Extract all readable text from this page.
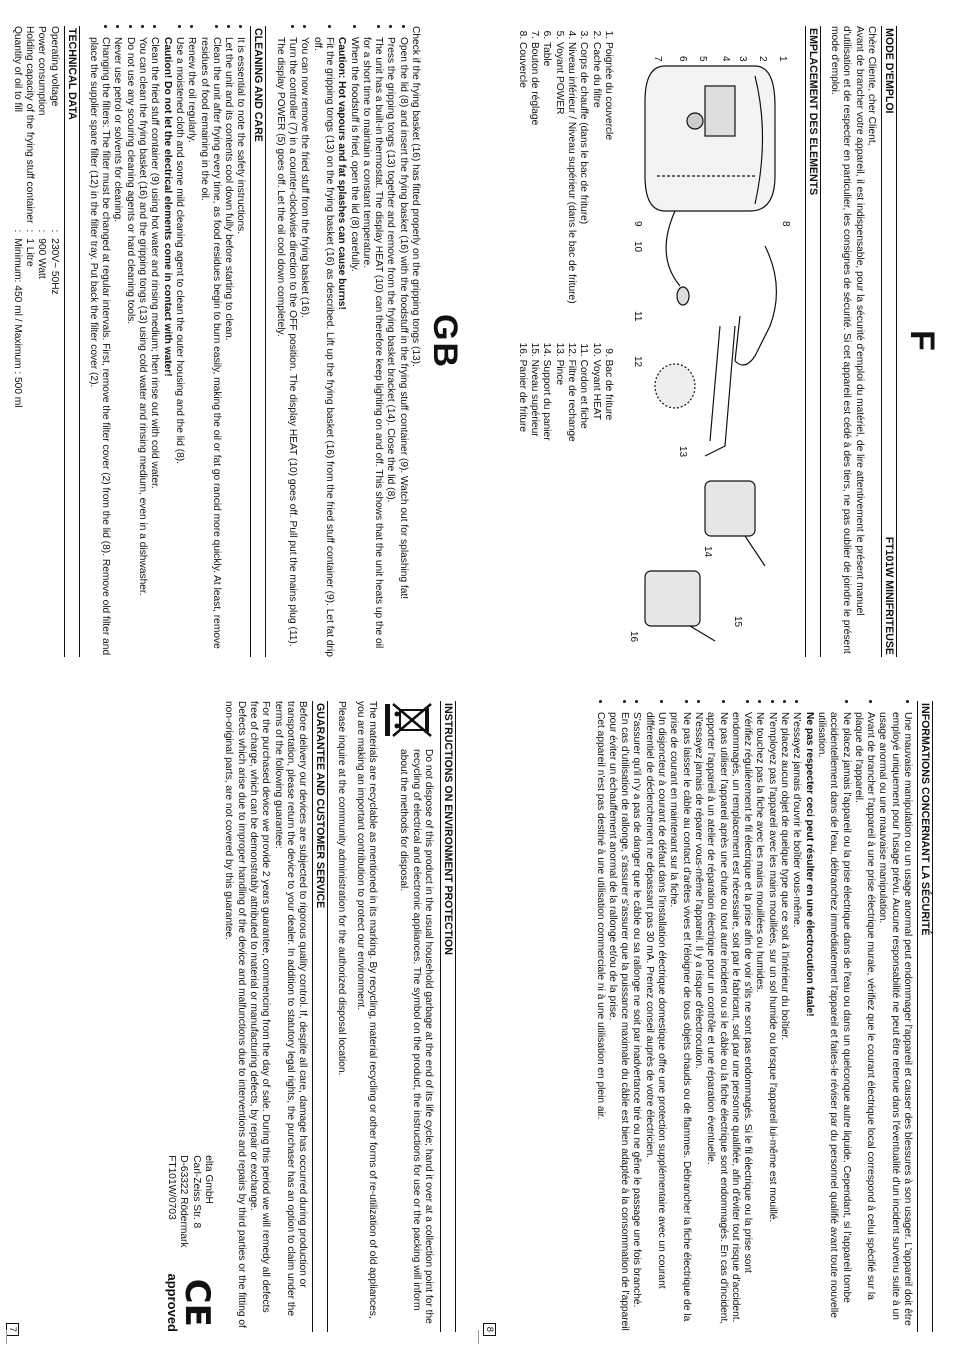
GB

Check if the frying basket (16) has fitted properly on the gripping tongs (13).

• Open the lid (8) and insert the frying basket (16) with the foodstuff in the frying stuff container (9). Watch out for splashing fat!
• Press the gripping tongs (13) together and remove from the frying basket bracket (14). Close the lid (8).
• The unit has a built-in thermostat. The display HEAT (10) can therefore keep lighting on and off. This shows that the unit heats up the oil for a short time to maintain a constant temperature.
• When the foodstuff is fried, open the lid (8) carefully.
Caution: Hot vapours and fat splashes can cause burns!
• Fit the gripping tongs (13) on the frying basket (16) as described. Lift up the frying basket (16) from the fried stuff container (9). Let fat drip off.
• You can now remove the fried stuff from the frying basket (16).
• Turn the controller (7) in a counter-clockwise direction to the OFF position. The display HEAT (10) goes off. Pull put the mains plug (11). The display POWER (5) goes off. Let the oil cool down completely.
CLEANING AND CARE
• It is essential to note the safety instructions.
• Let the unit and its contents cool down fully before starting to clean.
• Clean the unit after frying every time, as food residues begin to burn easily, making the oil or fat go rancid more quickly. At least, remove residues of food remaining in the oil.
• Renew the oil regularly.
• Use a moistened cloth and some mild cleaning agent to clean the outer housing and the lid (8).
Caution! Do not let the electrical elements come in contact with water!
• Clean the fried stuff container (9) using hot water and rinsing medium; then rinse out with cold water.
• You can clean the frying basket (16) and the gripping tongs (13) using cold water and rinsing medium, even in a dishwasher.
• Do not use any scouring cleaning agents or hard cleaning tools.
• Never use petrol or solvents for cleaning.
• Changing the filters: The filter must be changed at regular intervals. First, remove the filter cover (2) from the lid (8). Remove old filter and place the supplier spare filter (12) in the filter tray. Put back the filter cover (2).
TECHNICAL DATA
Operating voltage	:	230V~ 50Hz
Power consumption	:	900 Watt
Holding capacity of the frying stuff container	:	1 Litre
Quantity of oil to fill	:	Minimum: 450 ml / Maximum : 500 ml
INSTRUCTIONS ON ENVIRONMENT PROTECTION

Do not dispose of this product in the usual household garbage at the end of its life cycle; hand it over at a collection point for the recycling of electrical and electronic appliances. The symbol on the product, the instructions for use or the packing will inform about the methods for disposal.

The materials are recyclable as mentioned in its marking. By recycling, material recycling or other forms of re-utilization of old appliances, you are making an important contribution to protect our environment.

Please inquire at the community administration for the authorized disposal location.

GUARANTEE AND CUSTOMER SERVICE

Before delivery our devices are subjected to rigorous quality control. If, despite all care, damage has occurred during production or transportation, please return the device to your dealer. In addition to statutory legal rights, the purchaser has an option to claim under the terms of the following guarantee:

For the purchased device we provide 2 years guarantee, commencing from the day of sale. During this period we will remedy all defects free of charge, which can be demonstrably attributed to material or manufacturing defects, by repair or exchange.

Defects which arise due to improper handling of the device and malfunctions due to interventions and repairs by third parties or the fitting of non-original parts, are not covered by this guarantee.

elta GmbH

Carl-Zeiss Str. 8

D-63322 Rödermark

FT101W/0703

CE
approved
7
F
MODE D'EMPLOI
FT101W MINIFRITEUSE

Chère Cliente, cher Client,

Avant de brancher votre appareil, il est indispensable, pour la sécurité d'emploi du matériel, de lire attentivement le présent manuel d'utilisation et de respecter en particulier, les consignes de sécurité. Si cet appareil est cédé à des tiers, ne pas oublier de joindre le présent mode d'emploi.

EMPLACEMENT DES ELEMENTS
1
2
3
4
5
6
7
8
9
10
11
12
13
14
15
16
1. Poignée du couvercle
2. Cache du filtre
3. Corps de chauffe (dans le bac de friture)
4. Niveau inférieur / Niveau supérieur (dans le bac de friture)
5. Voyant POWER
6. Table
7. Bouton de réglage
8. Couvercle
9. Bac de friture
10. Voyant HEAT
11. Cordon et fiche
12. Filtre de rechange
13. Pince
14. Support du panier
15. Niveau supérieur
16. Panier de friture
INFORMATIONS CONCERNANT LA SÉCURITÉ
• Une mauvaise manipulation ou un usage anormal peut endommager l'appareil et causer des blessures à son usager. L'appareil doit être employé uniquement pour l'usage prévu. Aucune responsabilité ne peut être retenue dans l'éventualité d'un incident survenu suite à un usage anormal ou une mauvaise manipulation.
• Avant de brancher l'appareil à une prise électrique murale, vérifiez que le courant électrique local correspond à celui spécifié sur la plaque de l'appareil.
• Ne placez jamais l'appareil ou la prise électrique dans de l'eau ou dans un quelconque autre liquide. Cependant, si l'appareil tombe accidentellement dans de l'eau, débranchez immédiatement l'appareil et faites-le réviser par du personnel qualifié avant toute nouvelle utilisation.
Ne pas respecter ceci peut résulter en une électrocution fatale!
• N'essayez jamais d'ouvrir le boîtier vous-même.
• Ne placez aucun objet de quelque type que ce soit à l'intérieur du boîtier.
• N'employez pas l'appareil avec les mains mouillées, sur un sol humide ou lorsque l'appareil lui-même est mouillé.
• Ne touchez pas la fiche avec les mains mouillées ou humides.
• Vérifiez régulièrement le fil électrique et la prise afin de voir s'ils ne sont pas endommagés. Si le fil électrique ou la prise sont endommagés, un remplacement est nécessaire, soit par le fabricant, soit par une personne qualifiée, afin d'éviter tout risque d'accident.
• Ne pas utiliser l'appareil après une chute ou tout autre incident ou si le câble ou la fiche électrique sont endommagés. En cas d'incident, apporter l'appareil à un atelier de réparation électrique pour un contrôle et une réparation éventuelle.
• N'essayez jamais de réparer vous-même l'appareil. Il y a risque d'électrocution.
• Ne pas laisser le câble au contact d'arêtes vives et l'éloigner de tous objets chauds ou de flammes. Débrancher la fiche électrique de la prise de courant en maintenant sur la fiche.
• Un disjoncteur à courant de défaut dans l'installation électrique domestique offre une protection supplémentaire avec un courant différentiel de déclenchement ne dépassant pas 30 mA. Prenez conseil auprès de votre électricien.
• S'assurer qu'il n'y a pas de danger que le câble ou sa rallonge ne soit par inadvertance tiré ou ne gêne le passage une fois branché.
• En cas d'utilisation de rallonge, s'assurer s'assurer que la puissance maximale du câble est bien adaptée à la consommation de l'appareil pour éviter un échauffement anormal de la rallonge et/ou de la prise.
• Cet appareil n'est pas destiné à une utilisation commerciale ni à une utilisation en plein air.
8
